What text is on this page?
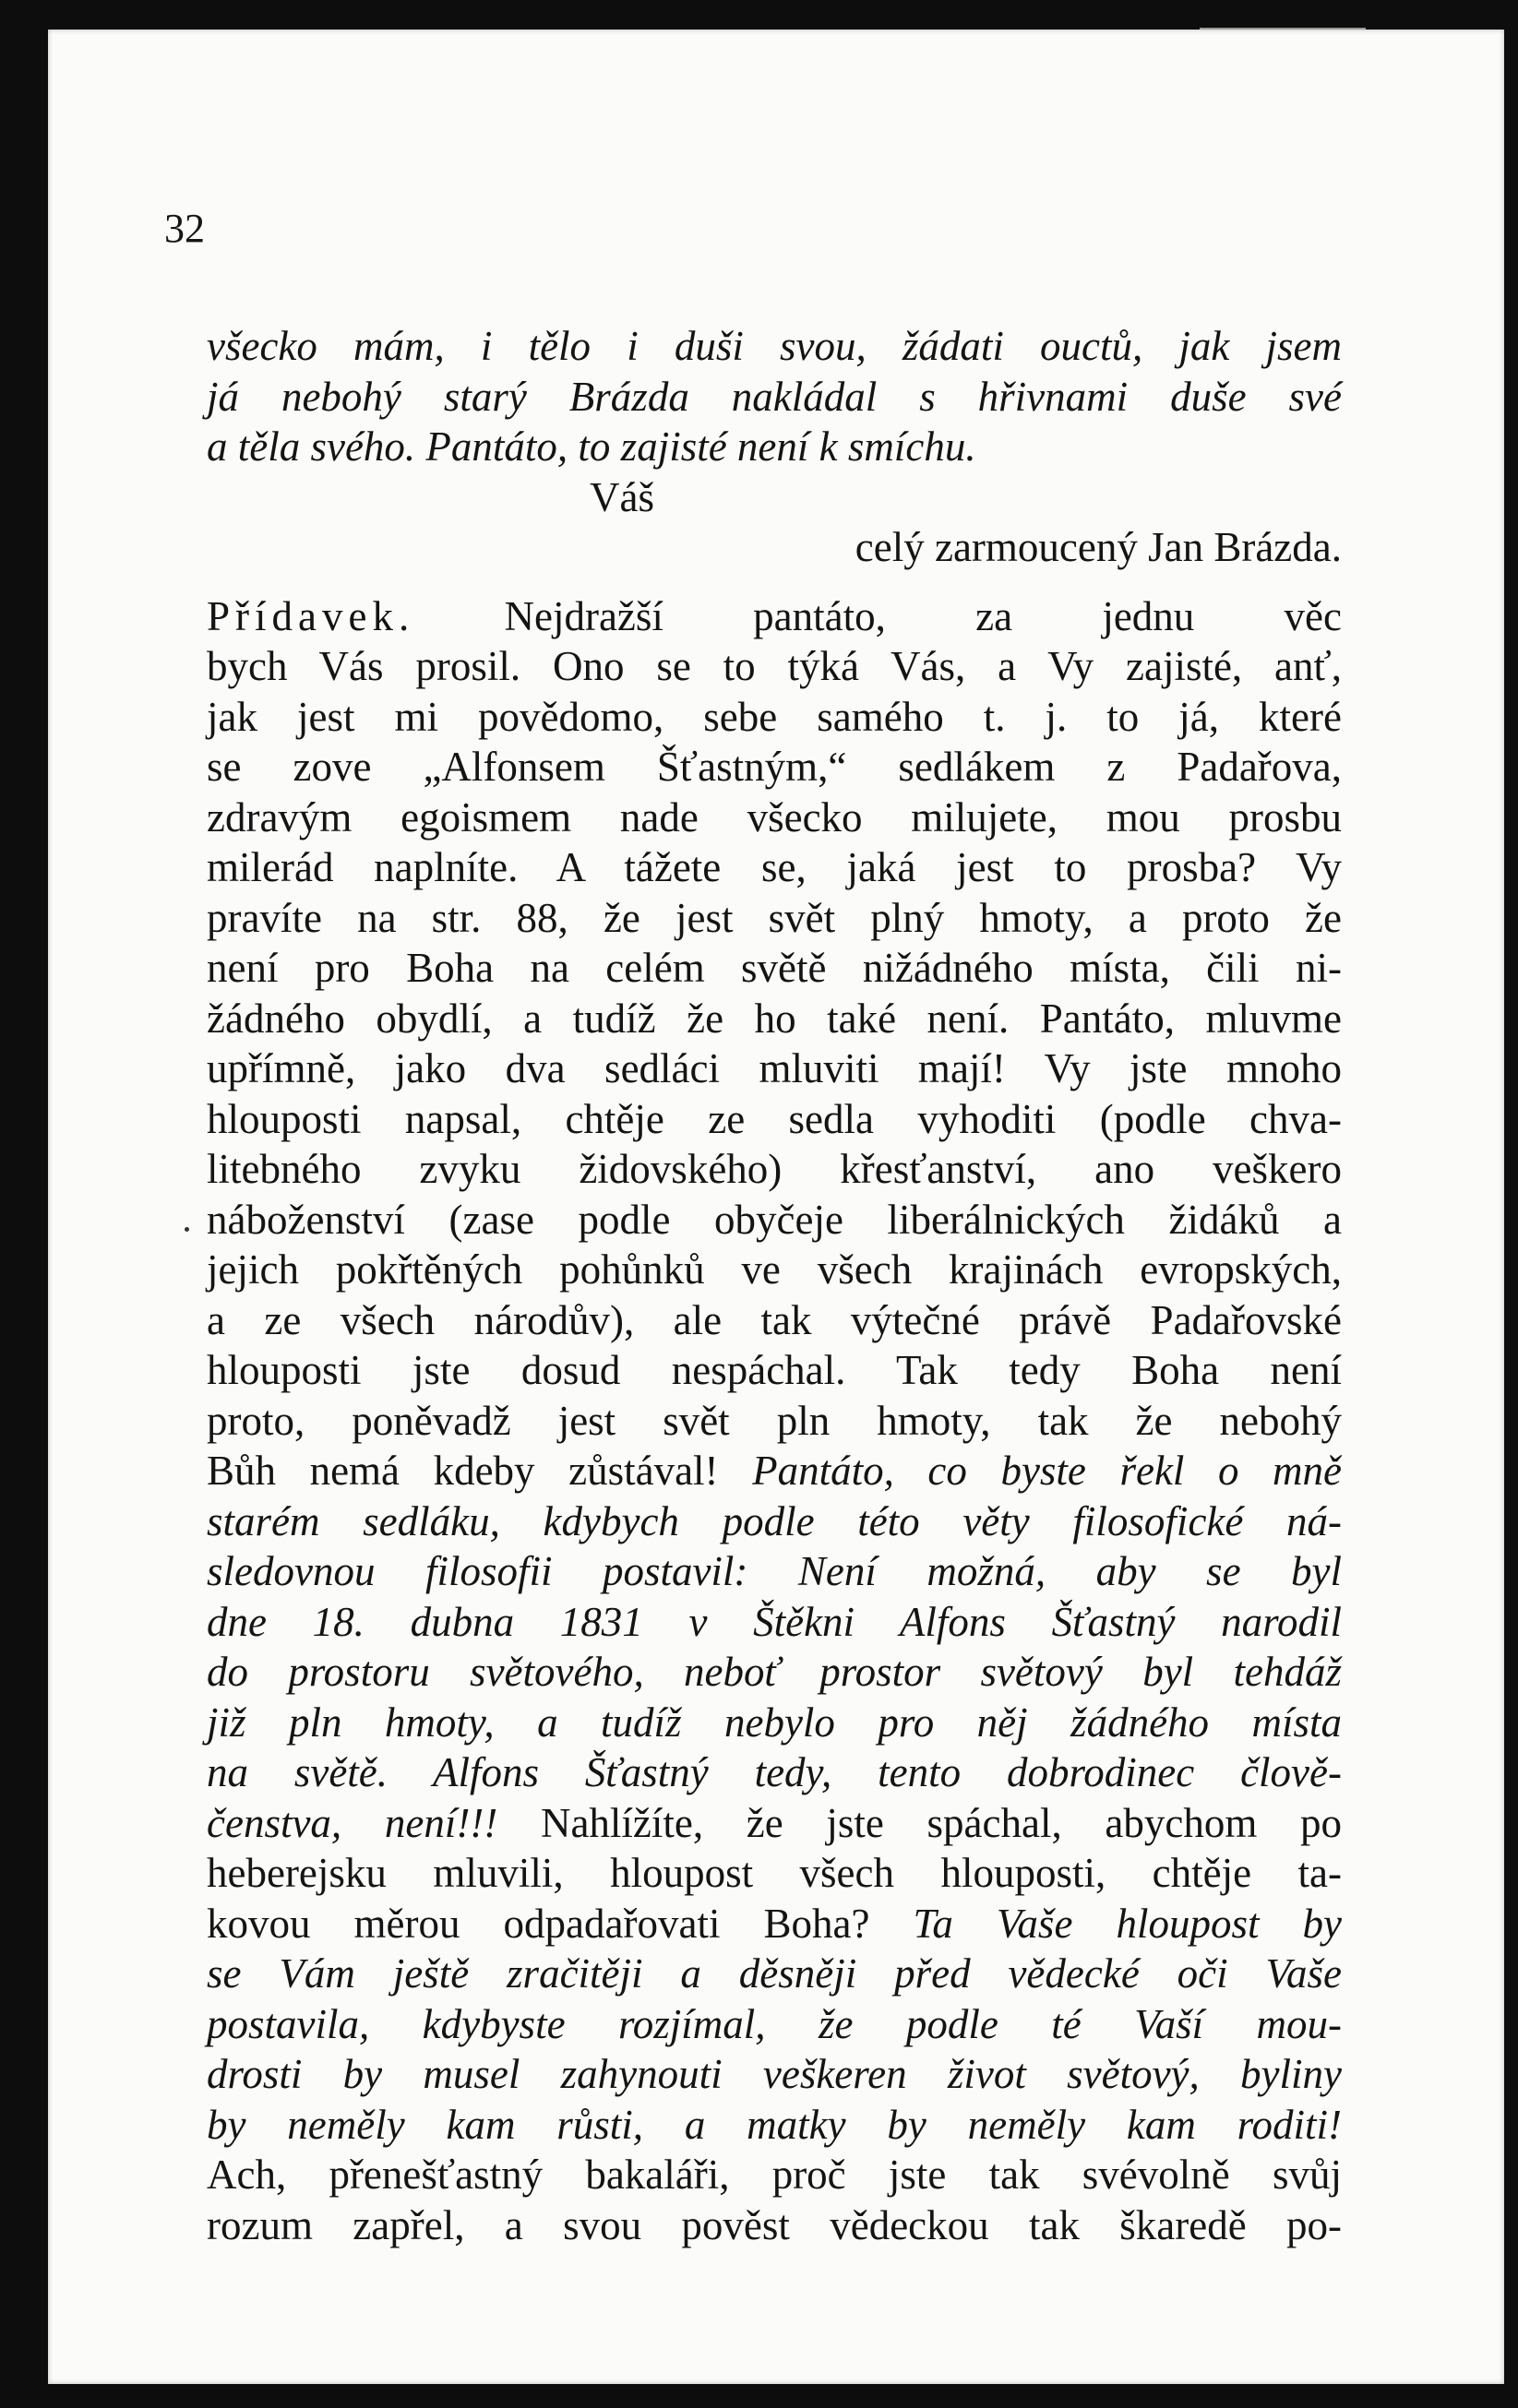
32

všecko mám, i tělo i duši svou, žádati ouctů, jak jsem
já nebohý starý Brázda nakládal s hřivnami duše své
a těla svého. Pantáto, to zajisté není k smíchu.
Váš
celý zarmoucený Jan Brázda.
Přídavek. Nejdražší pantáto, za jednu věc
bych Vás prosil. Ono se to týká Vás, a Vy zajisté, anť,
jak jest mi povědomo, sebe samého t. j. to já, které
se zove „Alfonsem Šťastným,“ sedlákem z Padařova,
zdravým egoismem nade všecko milujete, mou prosbu
milerád naplníte. A tážete se, jaká jest to prosba? Vy
pravíte na str. 88, že jest svět plný hmoty, a proto že
není pro Boha na celém světě nižádného místa, čili ni-
žádného obydlí, a tudíž že ho také není. Pantáto, mluvme
upřímně, jako dva sedláci mluviti mají! Vy jste mnoho
hlouposti napsal, chtěje ze sedla vyhoditi (podle chva-
litebného zvyku židovského) křesťanství, ano veškero
náboženství (zase podle obyčeje liberálnických židáků a
jejich pokřtěných pohůnků ve všech krajinách evropských,
a ze všech národův), ale tak výtečné právě Padařovské
hlouposti jste dosud nespáchal. Tak tedy Boha není
proto, poněvadž jest svět pln hmoty, tak že nebohý
Bůh nemá kdeby zůstával! Pantáto, co byste řekl o mně
starém sedláku, kdybych podle této věty filosofické ná-
sledovnou filosofii postavil: Není možná, aby se byl
dne 18. dubna 1831 v Štěkni Alfons Šťastný narodil
do prostoru světového, neboť prostor světový byl tehdáž
již pln hmoty, a tudíž nebylo pro něj žádného místa
na světě. Alfons Šťastný tedy, tento dobrodinec člově-
čenstva, není!!! Nahlížíte, že jste spáchal, abychom po
heberejsku mluvili, hloupost všech hlouposti, chtěje ta-
kovou měrou odpadařovati Boha? Ta Vaše hloupost by
se Vám ještě zračitěji a děsněji před vědecké oči Vaše
postavila, kdybyste rozjímal, že podle té Vaší mou-
drosti by musel zahynouti veškeren život světový, byliny
by neměly kam růsti, a matky by neměly kam roditi!
Ach, přenešťastný bakaláři, proč jste tak svévolně svůj
rozum zapřel, a svou pověst vědeckou tak škaredě po-
